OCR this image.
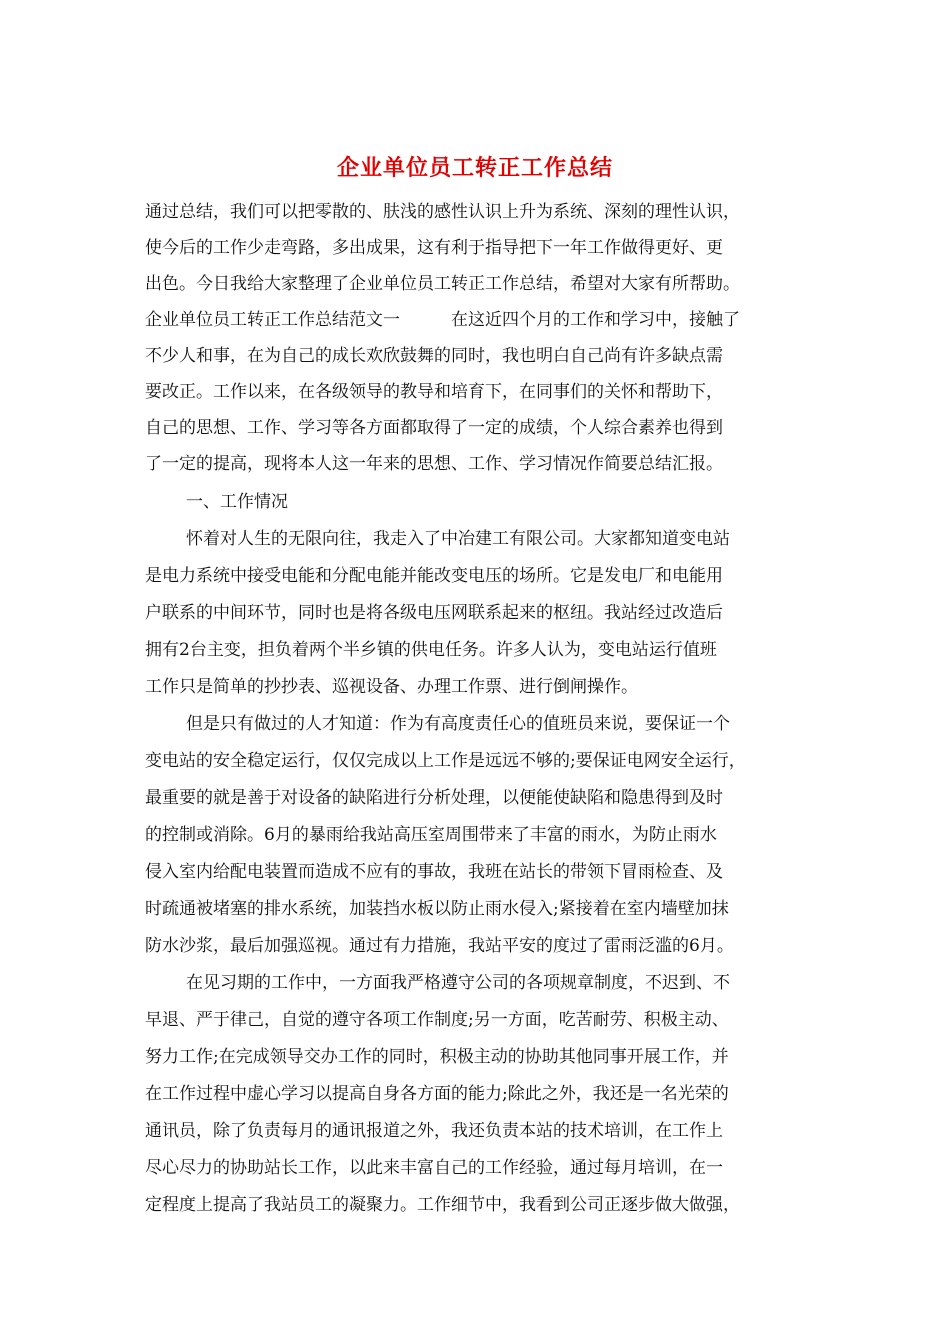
企业单位员工转正工作总结
通过总结，我们可以把零散的、肤浅的感性认识上升为系统、深刻的理性认识，
使今后的工作少走弯路，多出成果，这有利于指导把下一年工作做得更好、更
出色。今日我给大家整理了企业单位员工转正工作总结，希望对大家有所帮助。
企业单位员工转正工作总结范文一　　　在这近四个月的工作和学习中，接触了
不少人和事，在为自己的成长欢欣鼓舞的同时，我也明白自己尚有许多缺点需
要改正。工作以来，在各级领导的教导和培育下，在同事们的关怀和帮助下，
自己的思想、工作、学习等各方面都取得了一定的成绩，个人综合素养也得到
了一定的提高，现将本人这一年来的思想、工作、学习情况作简要总结汇报。
一、工作情况
怀着对人生的无限向往，我走入了中冶建工有限公司。大家都知道变电站
是电力系统中接受电能和分配电能并能改变电压的场所。它是发电厂和电能用
户联系的中间环节，同时也是将各级电压网联系起来的枢纽。我站经过改造后
拥有2台主变，担负着两个半乡镇的供电任务。许多人认为，变电站运行值班
工作只是简单的抄抄表、巡视设备、办理工作票、进行倒闸操作。
但是只有做过的人才知道：作为有高度责任心的值班员来说，要保证一个
变电站的安全稳定运行，仅仅完成以上工作是远远不够的;要保证电网安全运行，
最重要的就是善于对设备的缺陷进行分析处理，以便能使缺陷和隐患得到及时
的控制或消除。6月的暴雨给我站高压室周围带来了丰富的雨水，为防止雨水
侵入室内给配电装置而造成不应有的事故，我班在站长的带领下冒雨检查、及
时疏通被堵塞的排水系统，加装挡水板以防止雨水侵入;紧接着在室内墙壁加抹
防水沙浆，最后加强巡视。通过有力措施，我站平安的度过了雷雨泛滥的6月。
在见习期的工作中，一方面我严格遵守公司的各项规章制度，不迟到、不
早退、严于律己，自觉的遵守各项工作制度;另一方面，吃苦耐劳、积极主动、
努力工作;在完成领导交办工作的同时，积极主动的协助其他同事开展工作，并
在工作过程中虚心学习以提高自身各方面的能力;除此之外，我还是一名光荣的
通讯员，除了负责每月的通讯报道之外，我还负责本站的技术培训，在工作上
尽心尽力的协助站长工作，以此来丰富自己的工作经验，通过每月培训，在一
定程度上提高了我站员工的凝聚力。工作细节中，我看到公司正逐步做大做强，
